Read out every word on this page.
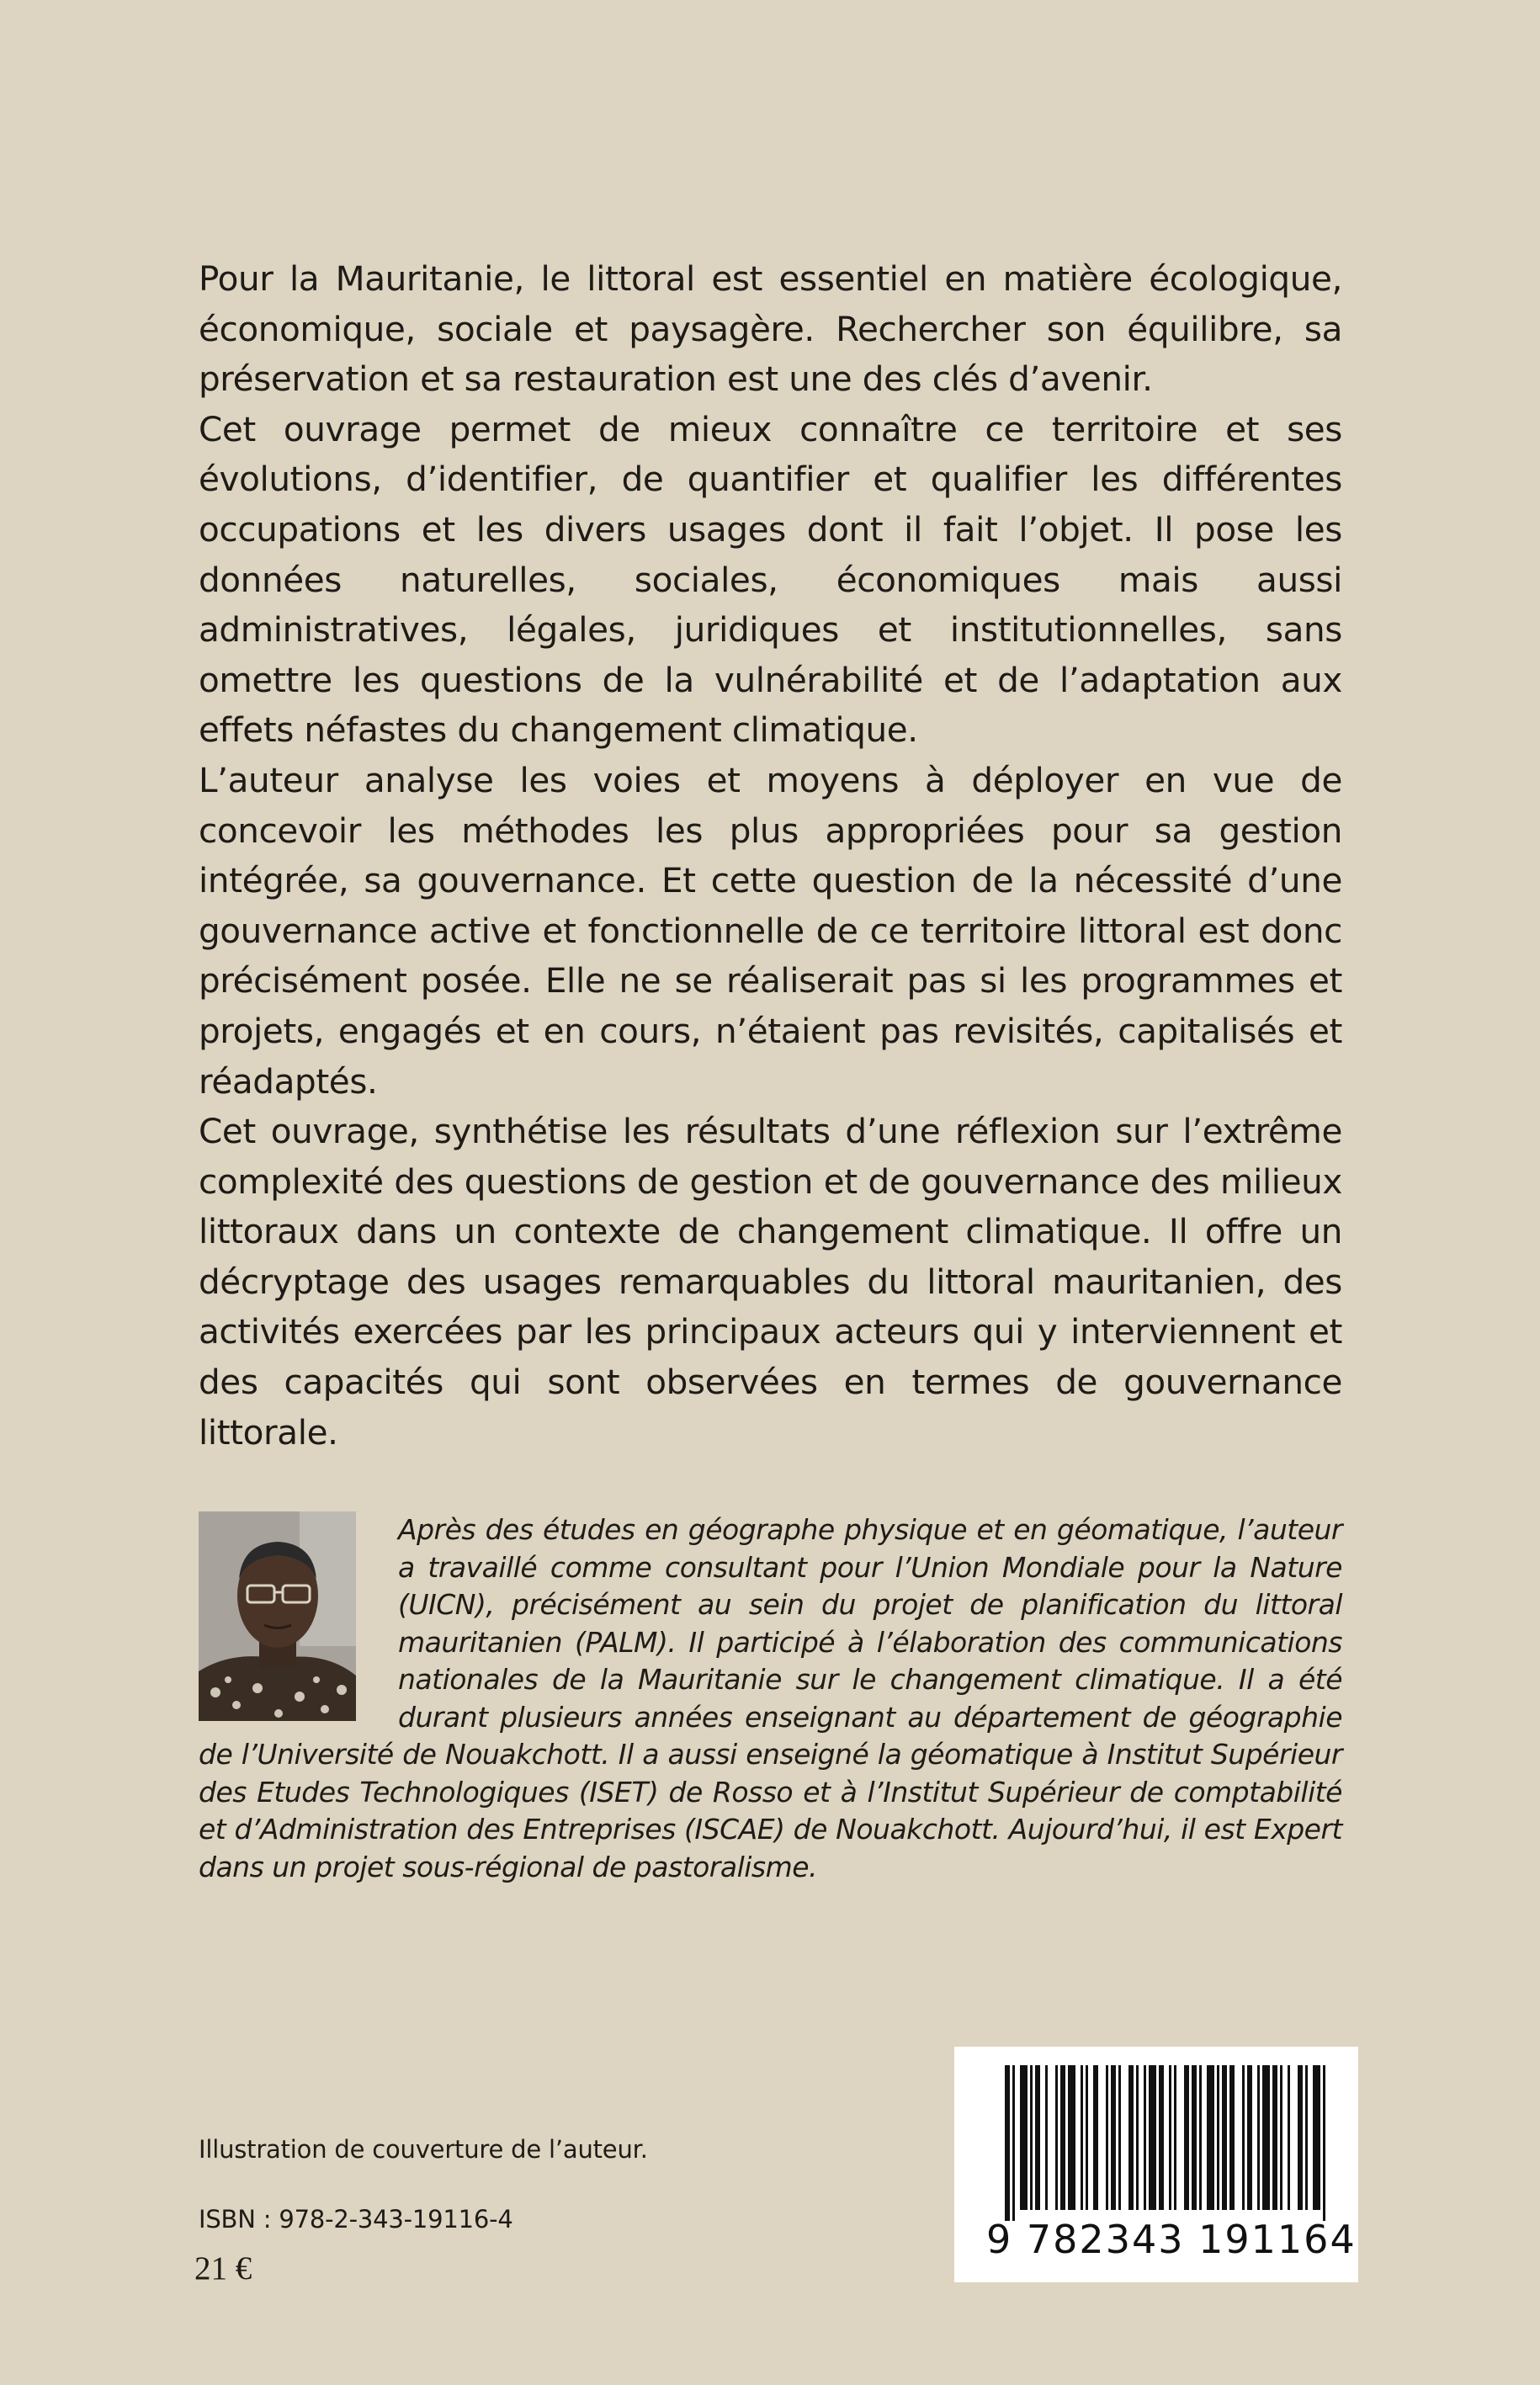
Pour la Mauritanie, le littoral est essentiel en matière écologique, économique, sociale et paysagère. Rechercher son équilibre, sa préservation et sa restauration est une des clés d’avenir.

Cet ouvrage permet de mieux connaître ce territoire et ses évolutions, d’identifier, de quantifier et qualifier les différentes occupations et les divers usages dont il fait l’objet. Il pose les données naturelles, sociales, économiques mais aussi administratives, légales, juridiques et institutionnelles, sans omettre les questions de la vulnérabilité et de l’adaptation aux effets néfastes du changement climatique.

L’auteur analyse les voies et moyens à déployer en vue de concevoir les méthodes les plus appropriées pour sa gestion intégrée, sa gouvernance. Et cette question de la nécessité d’une gouvernance active et fonctionnelle de ce territoire littoral est donc précisément posée. Elle ne se réaliserait pas si les programmes et projets, engagés et en cours, n’étaient pas revisités, capitalisés et réadaptés.

Cet ouvrage, synthétise les résultats d’une réflexion sur l’extrême complexité des questions de gestion et de gouvernance des milieux littoraux dans un contexte de changement climatique. Il offre un décryptage des usages remarquables du littoral mauritanien, des activités exercées par les principaux acteurs qui y interviennent et des capacités qui sont observées en termes de gouvernance littorale.

Après des études en géographe physique et en géomatique, l’auteur a travaillé comme consultant pour l’Union Mondiale pour la Nature (UICN), précisément au sein du projet de planification du littoral mauritanien (PALM). Il participé à l’élaboration des communications nationales de la Mauritanie sur le changement climatique. Il a été durant plusieurs années enseignant au département de géographie de l’Université de Nouakchott. Il a aussi enseigné la géomatique à Institut Supérieur des Etudes Technologiques (ISET) de Rosso et à l’Institut Supérieur de comptabilité et d’Administration des Entreprises (ISCAE) de Nouakchott. Aujourd’hui, il est Expert dans un projet sous-régional de pastoralisme.

Illustration de couverture de l’auteur.
ISBN : 978-2-343-19116-4
21 €
9 782343 191164
